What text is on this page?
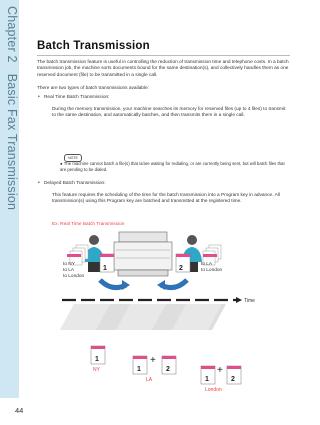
Chapter 2   Basic Fax Transmission
Batch Transmission
The batch transmission feature is useful in controlling the reduction of transmission time and telephone costs. In a batch transmission job, the machine sorts documents bound for the same destination(s), and collectively handles them as one reserved document (file) to be transmitted in a single call.
There are two types of batch transmissions available:
• Real Time Batch Transmission:
During the memory transmission, your machine searches its memory for reserved files (up to 4 files) to transmit to the same destination, and automatically batches, and then transmits them in a single call.
NOTE
● The machine cannot batch a file(s) that is/are waiting for redialing, or are currently being sent, but will batch files that are pending to be dialed.
• Delayed Batch Transmission:
This feature requires the scheduling of the time for the batch transmission into a Program key in advance. All transmission(s) using this Program key are batched and transmitted at the registered time.
Ex. Real Time Batch Transmission
1	2
Time
1
NY	1	2
+
LA	1	2
+
London
to NY
to LA
to London
to LA
to London
44
